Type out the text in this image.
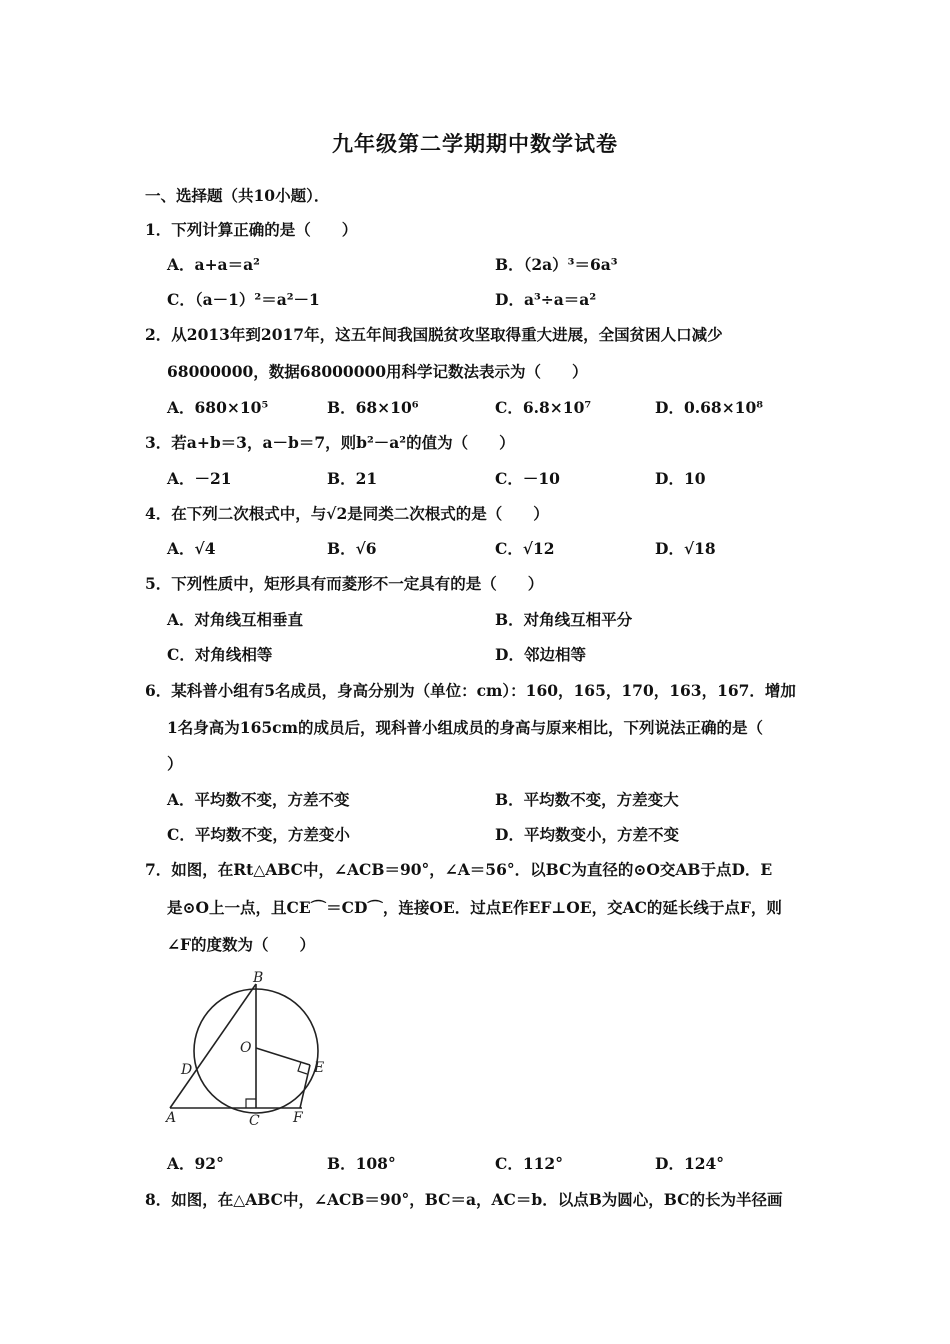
九年级第二学期期中数学试卷
一、选择题（共10小题）．
1．下列计算正确的是（　　）
A．a+a＝a²	B．（2a）³＝6a³
C．（a－1）²＝a²－1	D．a³÷a＝a²
2．从2013年到2017年，这五年间我国脱贫攻坚取得重大进展，全国贫困人口减少
68000000，数据68000000用科学记数法表示为（　　）
A．680×10⁵	B．68×10⁶	C．6.8×10⁷	D．0.68×10⁸
3．若a+b＝3，a－b＝7，则b²－a²的值为（　　）
A．－21	B．21	C．－10	D．10
4．在下列二次根式中，与√2是同类二次根式的是（　　）
A．√4	B．√6	C．√12	D．√18
5．下列性质中，矩形具有而菱形不一定具有的是（　　）
A．对角线互相垂直	B．对角线互相平分
C．对角线相等	D．邻边相等
6．某科普小组有5名成员，身高分别为（单位：cm）：160，165，170，163，167．增加
1名身高为165cm的成员后，现科普小组成员的身高与原来相比，下列说法正确的是（
）
A．平均数不变，方差不变	B．平均数不变，方差变大
C．平均数不变，方差变小	D．平均数变小，方差不变
7．如图，在Rt△ABC中，∠ACB＝90°，∠A＝56°．以BC为直径的⊙O交AB于点D．E
是⊙O上一点，且CE⌒＝CD⌒，连接OE．过点E作EF⊥OE，交AC的延长线于点F，则
∠F的度数为（　　）
B
O
D	E
A	C F
A．92°	B．108°	C．112°	D．124°
8．如图，在△ABC中，∠ACB＝90°，BC＝a，AC＝b．以点B为圆心，BC的长为半径画
